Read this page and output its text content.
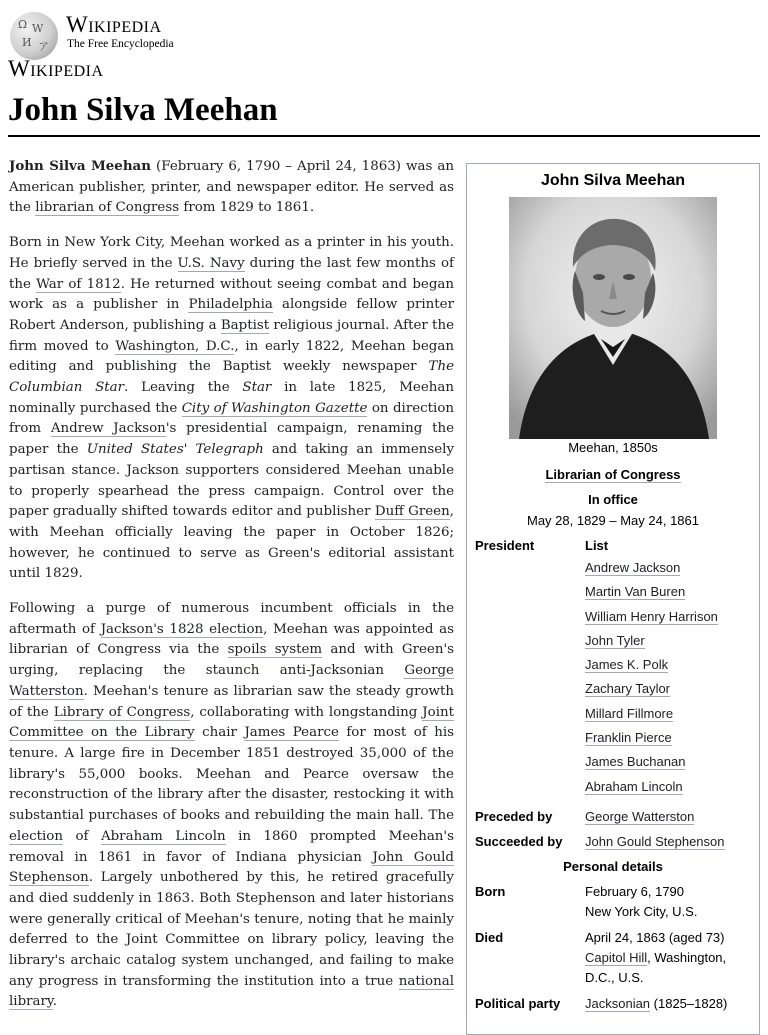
Ω W
И ア
Wikipedia
The Free Encyclopedia
Wikipedia
John Silva Meehan

John Silva Meehan (February 6, 1790 – April 24, 1863) was an American publisher, printer, and newspaper editor. He served as the librarian of Congress from 1829 to 1861.

Born in New York City, Meehan worked as a printer in his youth. He briefly served in the U.S. Navy during the last few months of the War of 1812. He returned without seeing combat and began work as a publisher in Philadelphia alongside fellow printer Robert Anderson, publishing a Baptist religious journal. After the firm moved to Washington, D.C., in early 1822, Meehan began editing and publishing the Baptist weekly newspaper The Columbian Star. Leaving the Star in late 1825, Meehan nominally purchased the City of Washington Gazette on direction from Andrew Jackson's presidential campaign, renaming the paper the United States' Telegraph and taking an immensely partisan stance. Jackson supporters considered Meehan unable to properly spearhead the press campaign. Control over the paper gradually shifted towards editor and publisher Duff Green, with Meehan officially leaving the paper in October 1826; however, he continued to serve as Green's editorial assistant until 1829.

Following a purge of numerous incumbent officials in the aftermath of Jackson's 1828 election, Meehan was appointed as librarian of Congress via the spoils system and with Green's urging, replacing the staunch anti-Jacksonian George Watterston. Meehan's tenure as librarian saw the steady growth of the Library of Congress, collaborating with longstanding Joint Committee on the Library chair James Pearce for most of his tenure. A large fire in December 1851 destroyed 35,000 of the library's 55,000 books. Meehan and Pearce oversaw the reconstruction of the library after the disaster, restocking it with substantial purchases of books and rebuilding the main hall. The election of Abraham Lincoln in 1860 prompted Meehan's removal in 1861 in favor of Indiana physician John Gould Stephenson. Largely unbothered by this, he retired gracefully and died suddenly in 1863. Both Stephenson and later historians were generally critical of Meehan's tenure, noting that he mainly deferred to the Joint Committee on library policy, leaving the library's archaic catalog system unchanged, and failing to make any progress in transforming the institution into a true national library.

John Silva Meehan
Meehan, 1850s
Librarian of Congress
In office
May 28, 1829 – May 24, 1861
President	List
Andrew Jackson
Martin Van Buren
William Henry Harrison
John Tyler
James K. Polk
Zachary Taylor
Millard Fillmore
Franklin Pierce
James Buchanan
Abraham Lincoln
Preceded by	George Watterston
Succeeded by John Gould Stephenson
Personal details
Born	February 6, 1790
New York City, U.S.
Died	April 24, 1863 (aged 73)
Capitol Hill, Washington, D.C., U.S.
Political party Jacksonian (1825–1828)
